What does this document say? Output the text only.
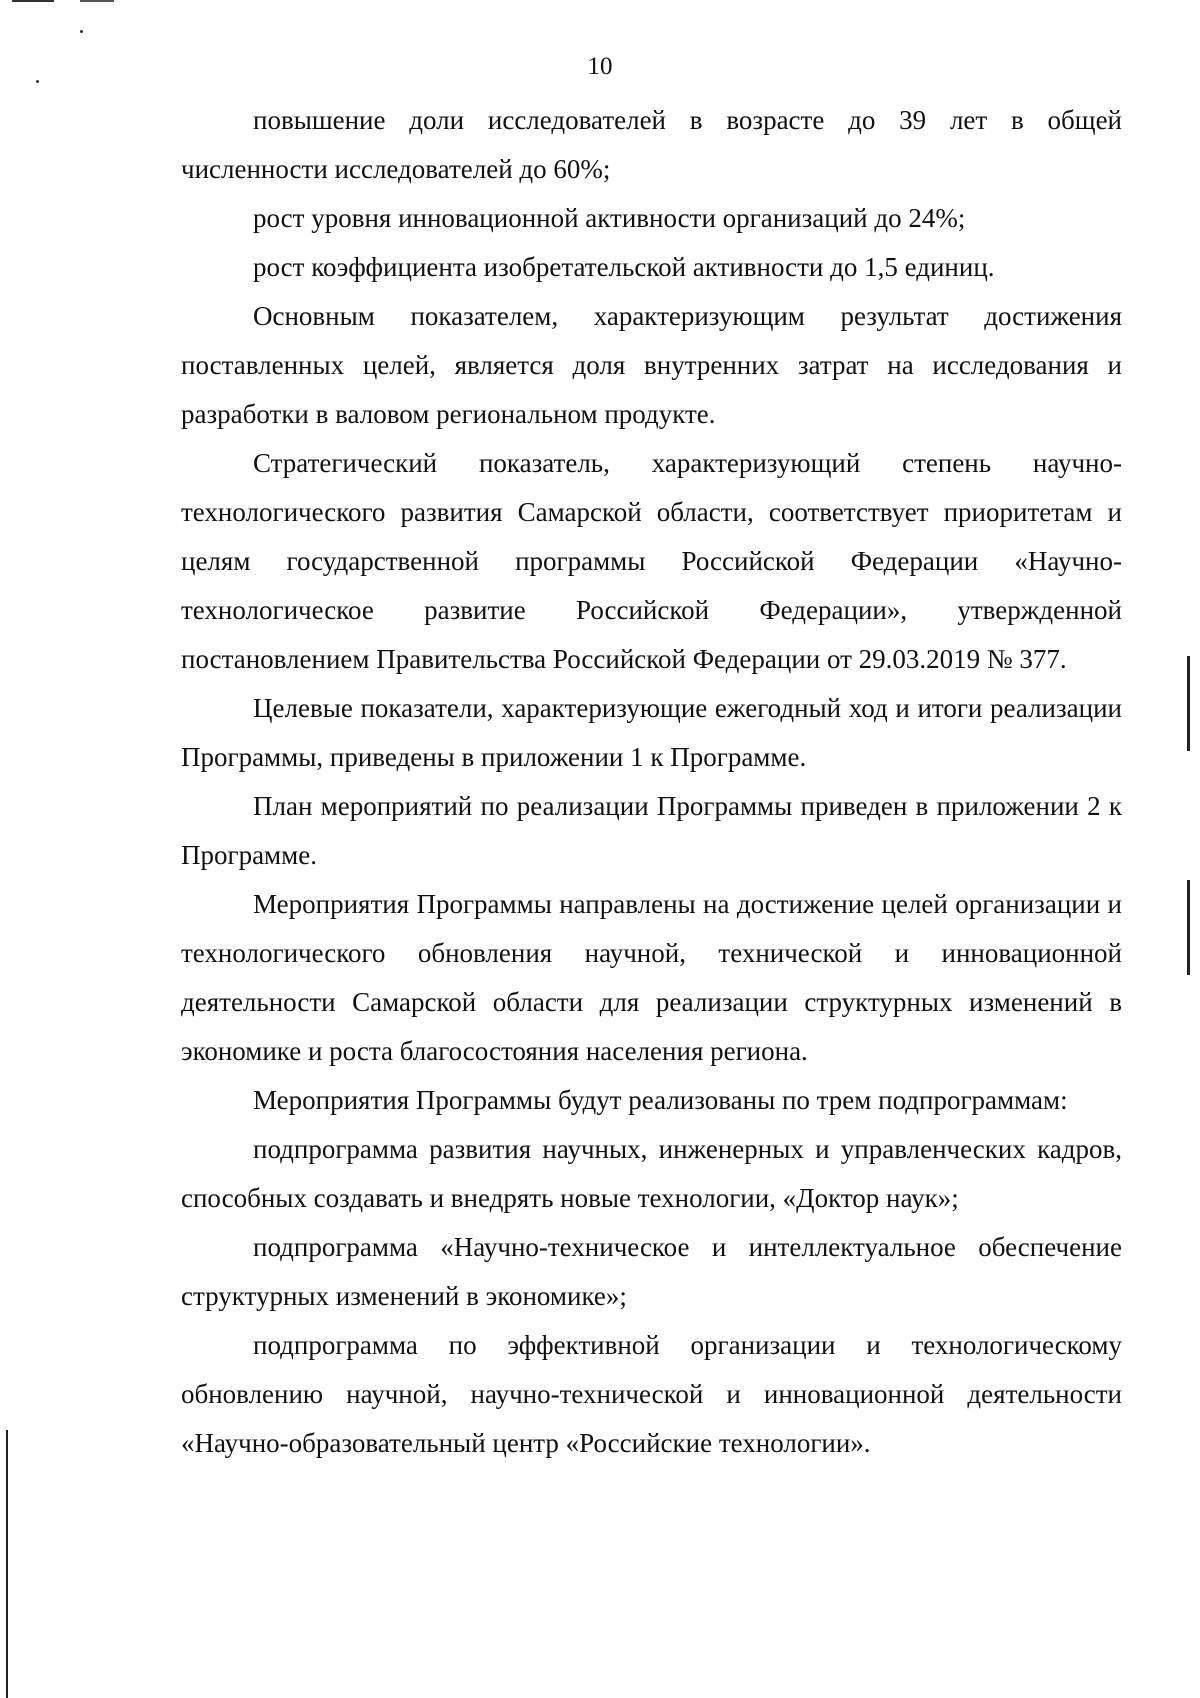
10

повышение доли исследователей в возрасте до 39 лет в общей численности исследователей до 60%;

рост уровня инновационной активности организаций до 24%;

рост коэффициента изобретательской активности до 1,5 единиц.

Основным показателем, характеризующим результат достижения поставленных целей, является доля внутренних затрат на исследования и разработки в валовом региональном продукте.

Стратегический показатель, характеризующий степень научно-технологического развития Самарской области, соответствует приоритетам и целям государственной программы Российской Федерации «Научно-технологическое развитие Российской Федерации», утвержденной постановлением Правительства Российской Федерации от 29.03.2019 № 377.

Целевые показатели, характеризующие ежегодный ход и итоги реализации Программы, приведены в приложении 1 к Программе.

План мероприятий по реализации Программы приведен в приложении 2 к Программе.

Мероприятия Программы направлены на достижение целей организации и технологического обновления научной, технической и инновационной деятельности Самарской области для реализации структурных изменений в экономике и роста благосостояния населения региона.

Мероприятия Программы будут реализованы по трем подпрограммам:

подпрограмма развития научных, инженерных и управленческих кадров, способных создавать и внедрять новые технологии, «Доктор наук»;

подпрограмма «Научно-техническое и интеллектуальное обеспечение структурных изменений в экономике»;

подпрограмма по эффективной организации и технологическому обновлению научной, научно-технической и инновационной деятельности «Научно-образовательный центр «Российские технологии».
